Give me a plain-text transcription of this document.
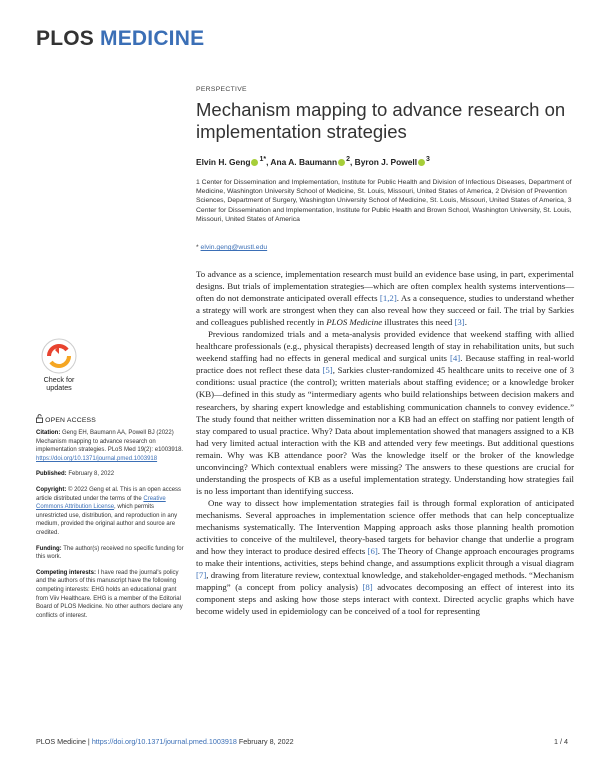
PLOS MEDICINE
PERSPECTIVE
Mechanism mapping to advance research on implementation strategies
Elvin H. Geng $^{1*}$, Ana A. Baumann $^2$, Byron J. Powell $^3$
1 Center for Dissemination and Implementation, Institute for Public Health and Division of Infectious Diseases, Department of Medicine, Washington University School of Medicine, St. Louis, Missouri, United States of America, 2 Division of Prevention Sciences, Department of Surgery, Washington University School of Medicine, St. Louis, Missouri, United States of America, 3 Center for Dissemination and Implementation, Institute for Public Health and Brown School, Washington University, St. Louis, Missouri, United States of America
* elvin.geng@wustl.edu
Check for
updates
OPEN ACCESS
Citation: Geng EH, Baumann AA, Powell BJ (2022) Mechanism mapping to advance research on implementation strategies. PLoS Med 19(2): e1003918. https://doi.org/10.1371/journal.pmed.1003918
Published: February 8, 2022
Copyright: © 2022 Geng et al. This is an open access article distributed under the terms of the Creative Commons Attribution License, which permits unrestricted use, distribution, and reproduction in any medium, provided the original author and source are credited.
Funding: The author(s) received no specific funding for this work.
Competing interests: I have read the journal's policy and the authors of this manuscript have the following competing interests: EHG holds an educational grant from Viiv Healthcare. EHG is a member of the Editorial Board of PLOS Medicine. No other authors declare any conflicts of interest.

To advance as a science, implementation research must build an evidence base using, in part, experimental designs. But trials of implementation strategies—which are often complex health systems interventions—often do not demonstrate anticipated overall effects [1,2]. As a consequence, studies to understand whether a strategy will work are strongest when they can also reveal how they succeed or fail. The trial by Sarkies and colleagues published recently in PLOS Medicine illustrates this need [3].

Previous randomized trials and a meta-analysis provided evidence that weekend staffing with allied healthcare professionals (e.g., physical therapists) decreased length of stay in rehabilitation units, but such weekend staffing had no effects in general medical and surgical units [4]. Because staffing in real-world practice does not reflect these data [5], Sarkies cluster-randomized 45 healthcare units to receive one of 3 conditions: usual practice (the control); written materials about staffing evidence; or a knowledge broker (KB)—defined in this study as “intermediary agents who build relationships between decision makers and researchers, by sharing expert knowledge and establishing communication channels to convey evidence.” The study found that neither written dissemination nor a KB had an effect on staffing nor patient length of stay compared to usual practice. Why? Data about implementation showed that managers assigned to a KB had very limited actual interaction with the KB and attended very few meetings. But additional questions remain. Why was KB attendance poor? Was the knowledge itself or the broker of the knowledge unconvincing? Which contextual enablers were missing? The answers to these questions are crucial for understanding the prospects of KB as a useful implementation strategy. Understanding how strategies fail is no less important than identifying success.

One way to dissect how implementation strategies fail is through formal exploration of anticipated mechanisms. Several approaches in implementation science offer methods that can help conceptualize mechanisms systematically. The Intervention Mapping approach asks those planning health promotion activities to conceive of the multilevel, theory-based targets for behavior change that underlie a program and how they interact to produce desired effects [6]. The Theory of Change approach encourages programs to make their intentions, activities, steps behind change, and assumptions explicit through a visual diagram [7], drawing from literature review, contextual knowledge, and stakeholder-engaged methods. “Mechanism mapping” (a concept from policy analysis) [8] advocates decomposing an effect of interest into its component steps and asking how those steps interact with context. Directed acyclic graphs which have become widely used in epidemiology can be conceived of a tool for representing

PLOS Medicine | https://doi.org/10.1371/journal.pmed.1003918 February 8, 2022	1 / 4
